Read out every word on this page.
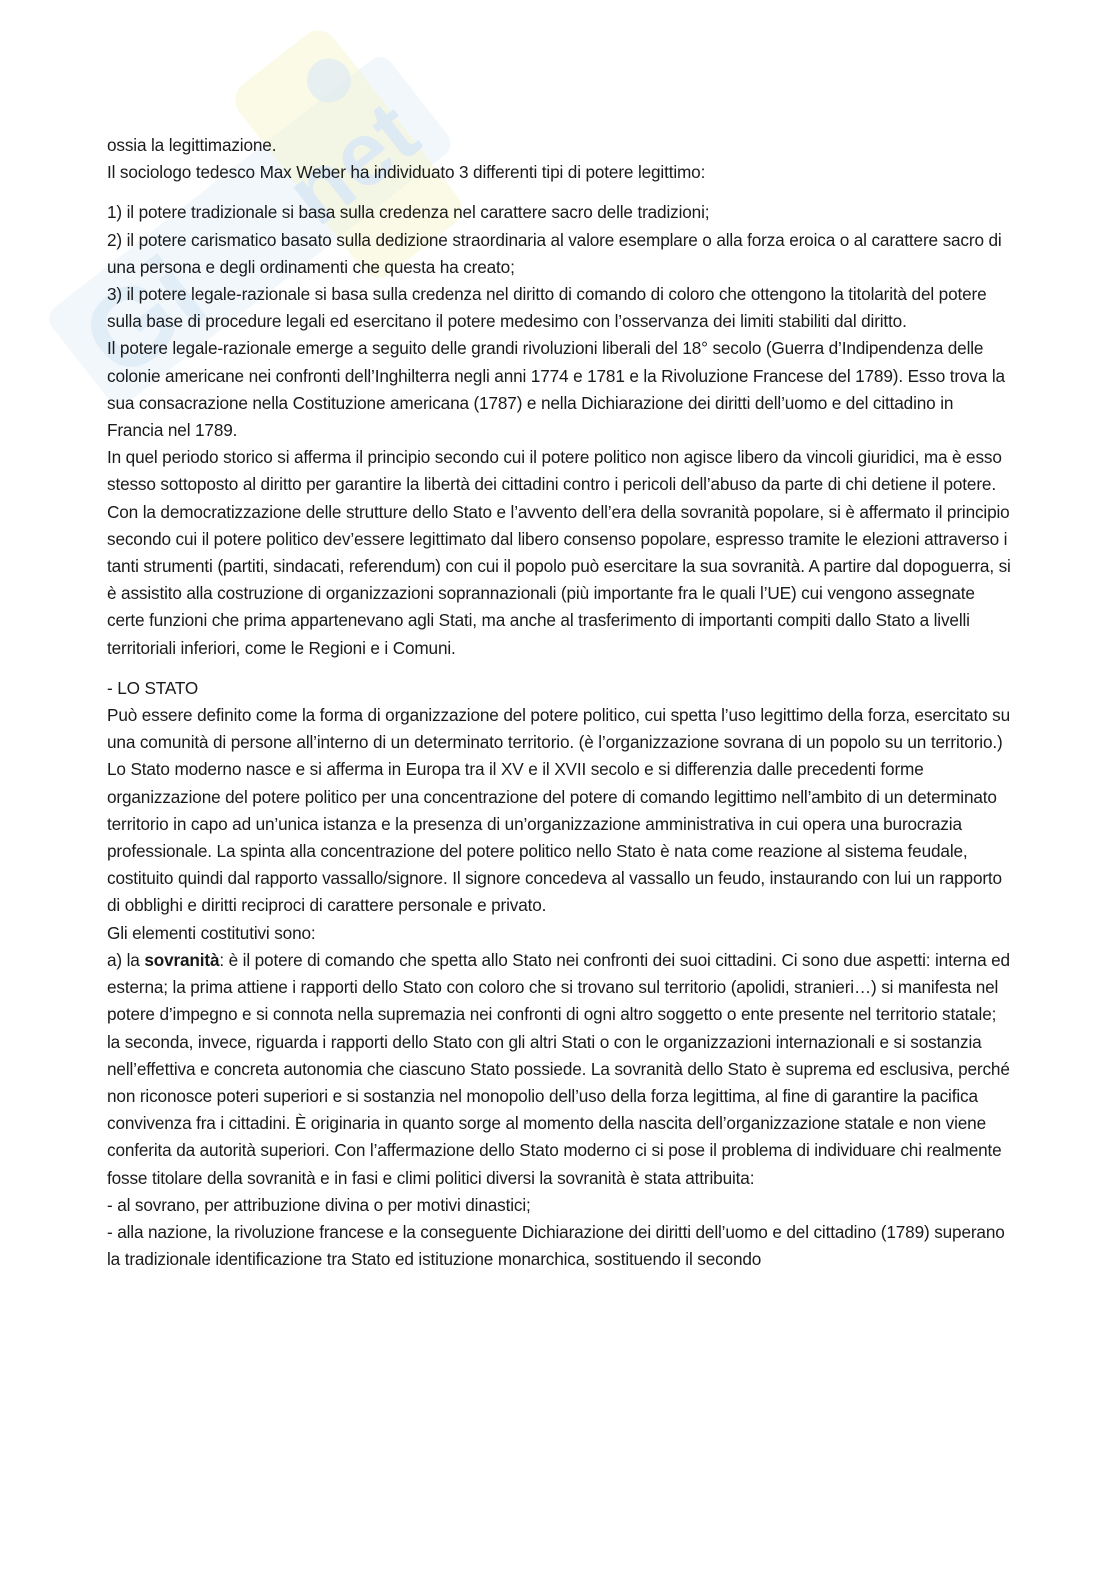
Gi
net

ossia la legittimazione.

Il sociologo tedesco Max Weber ha individuato 3 differenti tipi di potere legittimo:

1) il potere tradizionale si basa sulla credenza nel carattere sacro delle tradizioni;

2) il potere carismatico basato sulla dedizione straordinaria al valore esemplare o alla forza eroica o al carattere sacro di una persona e degli ordinamenti che questa ha creato;

3) il potere legale-razionale si basa sulla credenza nel diritto di comando di coloro che ottengono la titolarità del potere sulla base di procedure legali ed esercitano il potere medesimo con l’osservanza dei limiti stabiliti dal diritto.

Il potere legale-razionale emerge a seguito delle grandi rivoluzioni liberali del 18° secolo (Guerra d’Indipendenza delle colonie americane nei confronti dell’Inghilterra negli anni 1774 e 1781 e la Rivoluzione Francese del 1789). Esso trova la sua consacrazione nella Costituzione americana (1787) e nella Dichiarazione dei diritti dell’uomo e del cittadino in Francia nel 1789.

In quel periodo storico si afferma il principio secondo cui il potere politico non agisce libero da vincoli giuridici, ma è esso stesso sottoposto al diritto per garantire la libertà dei cittadini contro i pericoli dell’abuso da parte di chi detiene il potere.

Con la democratizzazione delle strutture dello Stato e l’avvento dell’era della sovranità popolare, si è affermato il principio secondo cui il potere politico dev’essere legittimato dal libero consenso popolare, espresso tramite le elezioni attraverso i tanti strumenti (partiti, sindacati, referendum) con cui il popolo può esercitare la sua sovranità. A partire dal dopoguerra, si è assistito alla costruzione di organizzazioni soprannazionali (più importante fra le quali l’UE) cui vengono assegnate certe funzioni che prima appartenevano agli Stati, ma anche al trasferimento di importanti compiti dallo Stato a livelli territoriali inferiori, come le Regioni e i Comuni.

- LO STATO

Può essere definito come la forma di organizzazione del potere politico, cui spetta l’uso legittimo della forza, esercitato su una comunità di persone all’interno di un determinato territorio. (è l’organizzazione sovrana di un popolo su un territorio.)

Lo Stato moderno nasce e si afferma in Europa tra il XV e il XVII secolo e si differenzia dalle precedenti forme organizzazione del potere politico per una concentrazione del potere di comando legittimo nell’ambito di un determinato territorio in capo ad un’unica istanza e la presenza di un’organizzazione amministrativa in cui opera una burocrazia professionale. La spinta alla concentrazione del potere politico nello Stato è nata come reazione al sistema feudale, costituito quindi dal rapporto vassallo/signore. Il signore concedeva al vassallo un feudo, instaurando con lui un rapporto di obblighi e diritti reciproci di carattere personale e privato.

Gli elementi costitutivi sono:

a) la sovranità: è il potere di comando che spetta allo Stato nei confronti dei suoi cittadini. Ci sono due aspetti: interna ed esterna; la prima attiene i rapporti dello Stato con coloro che si trovano sul territorio (apolidi, stranieri…) si manifesta nel potere d’impegno e si connota nella supremazia nei confronti di ogni altro soggetto o ente presente nel territorio statale; la seconda, invece, riguarda i rapporti dello Stato con gli altri Stati o con le organizzazioni internazionali e si sostanzia nell’effettiva e concreta autonomia che ciascuno Stato possiede. La sovranità dello Stato è suprema ed esclusiva, perché non riconosce poteri superiori e si sostanzia nel monopolio dell’uso della forza legittima, al fine di garantire la pacifica convivenza fra i cittadini. È originaria in quanto sorge al momento della nascita dell’organizzazione statale e non viene conferita da autorità superiori. Con l’affermazione dello Stato moderno ci si pose il problema di individuare chi realmente fosse titolare della sovranità e in fasi e climi politici diversi la sovranità è stata attribuita:

- al sovrano, per attribuzione divina o per motivi dinastici;

- alla nazione, la rivoluzione francese e la conseguente Dichiarazione dei diritti dell’uomo e del cittadino (1789) superano la tradizionale identificazione tra Stato ed istituzione monarchica, sostituendo il secondo
